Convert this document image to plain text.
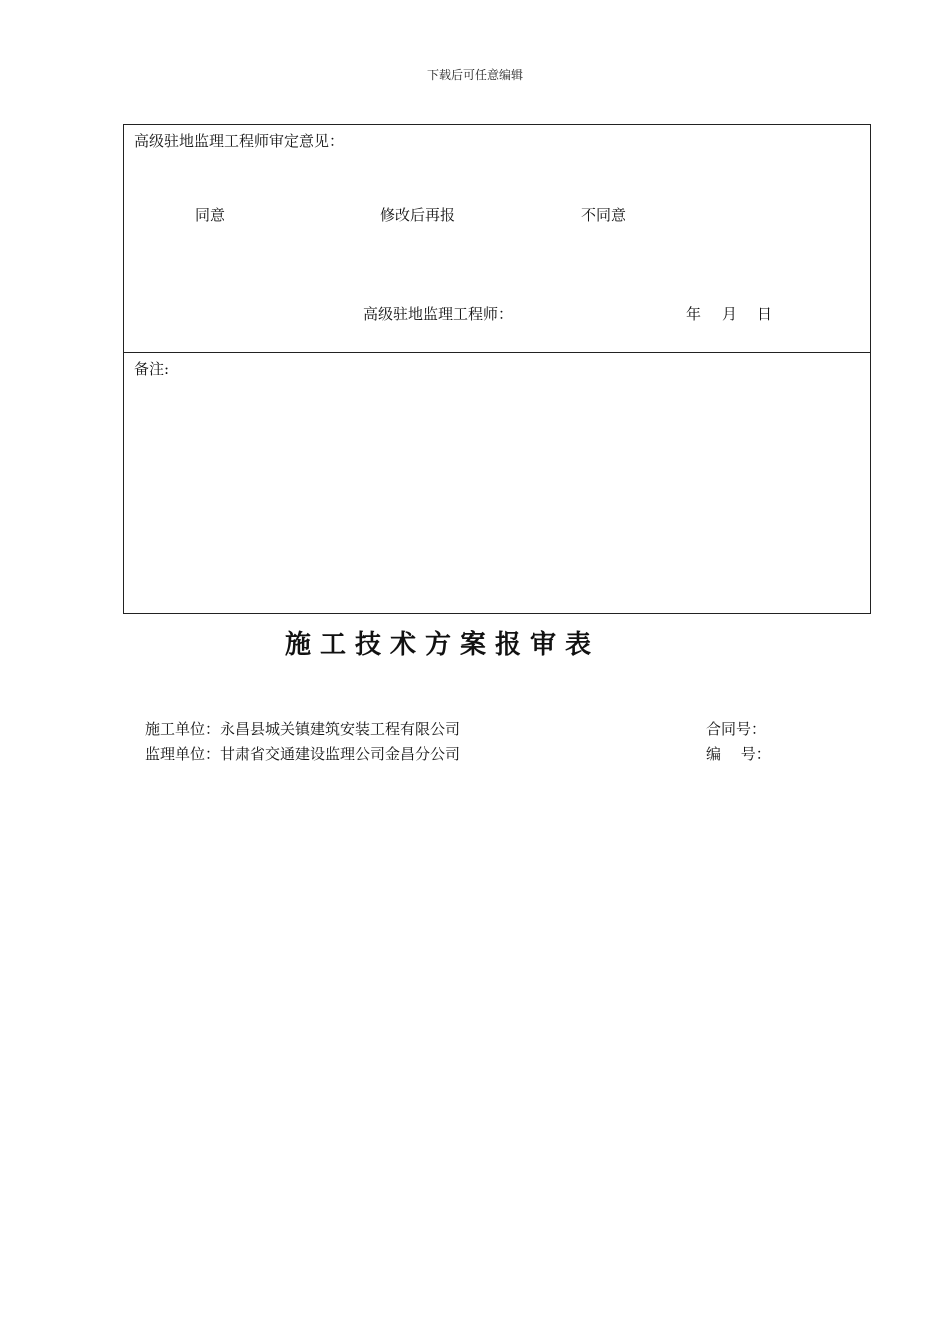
下载后可任意编辑
高级驻地监理工程师审定意见：
同意	修改后再报	不同意
高级驻地监理工程师：	年 月 日
备注:
施工技术方案报审表
施工单位：永昌县城关镇建筑安装工程有限公司	合同号：
监理单位：甘肃省交通建设监理公司金昌分公司	编　 号：
